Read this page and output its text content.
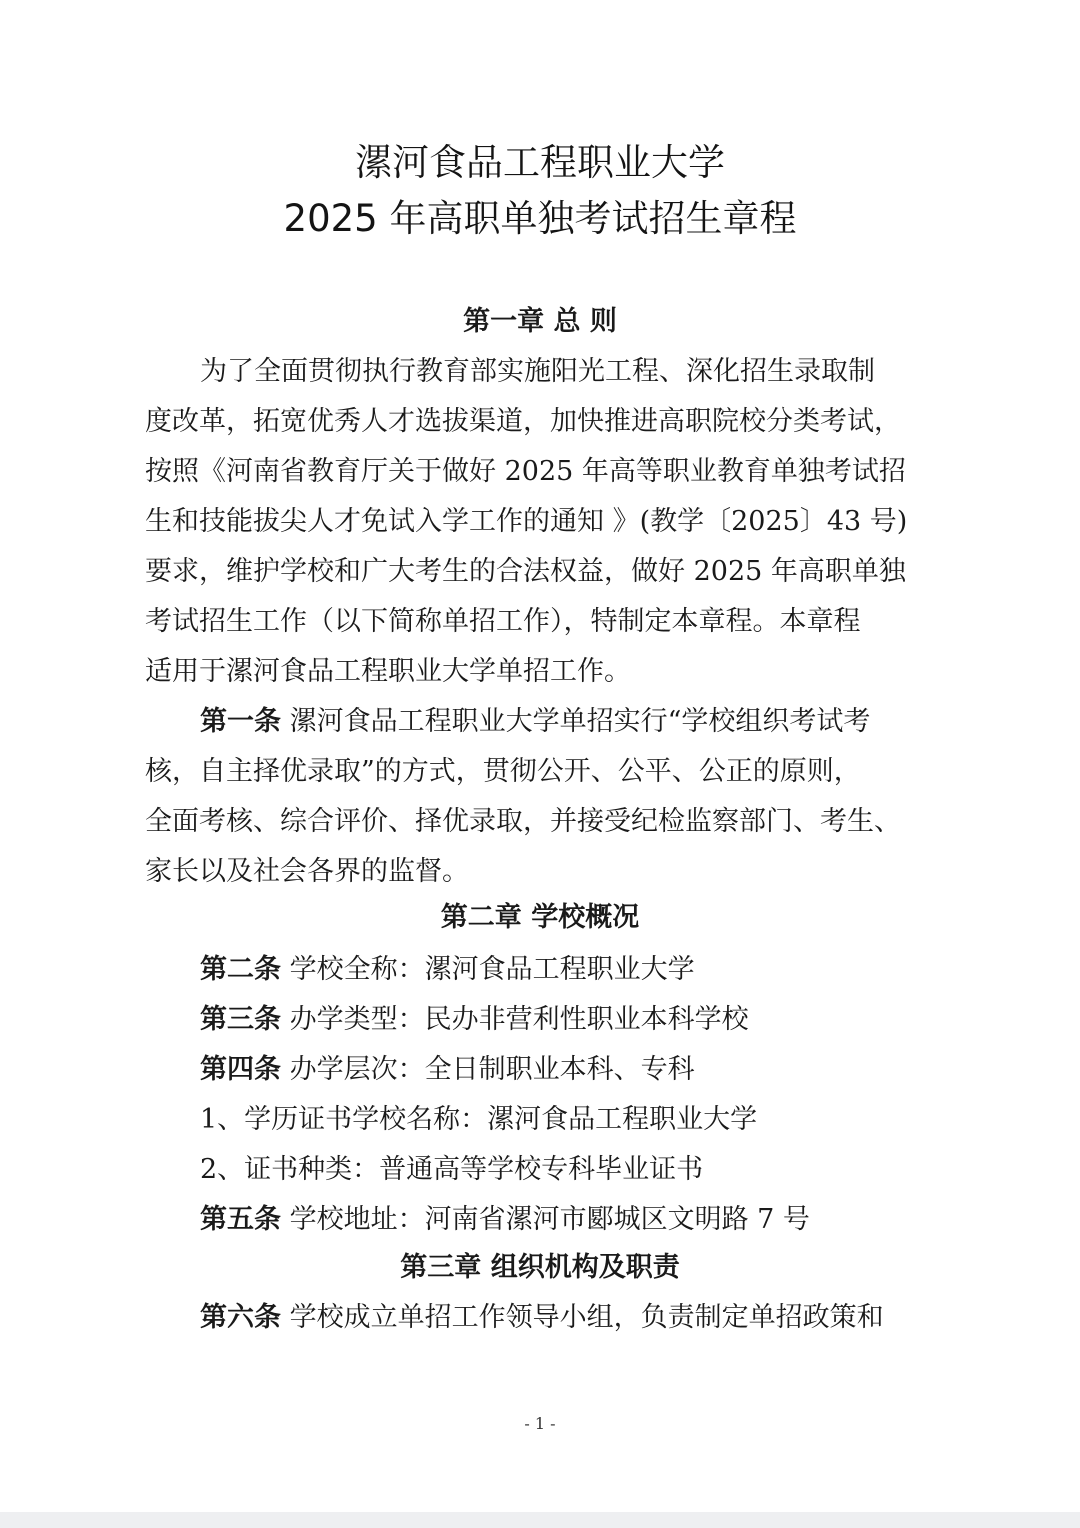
漯河食品工程职业大学
2025 年高职单独考试招生章程
第一章 总 则
为了全面贯彻执行教育部实施阳光工程、深化招生录取制
度改革，拓宽优秀人才选拔渠道，加快推进高职院校分类考试，
按照《河南省教育厅关于做好 2025 年高等职业教育单独考试招
生和技能拔尖人才免试入学工作的通知 》(教学〔2025〕43 号)
要求，维护学校和广大考生的合法权益，做好 2025 年高职单独
考试招生工作（以下简称单招工作），特制定本章程。本章程
适用于漯河食品工程职业大学单招工作。
第一条 漯河食品工程职业大学单招实行“学校组织考试考
核，自主择优录取”的方式，贯彻公开、公平、公正的原则，
全面考核、综合评价、择优录取，并接受纪检监察部门、考生、
家长以及社会各界的监督。
第二章 学校概况
第二条 学校全称：漯河食品工程职业大学
第三条 办学类型：民办非营利性职业本科学校
第四条 办学层次：全日制职业本科、专科
1、学历证书学校名称：漯河食品工程职业大学
2、证书种类：普通高等学校专科毕业证书
第五条 学校地址：河南省漯河市郾城区文明路 7 号
第三章 组织机构及职责
第六条 学校成立单招工作领导小组，负责制定单招政策和
- 1 -
